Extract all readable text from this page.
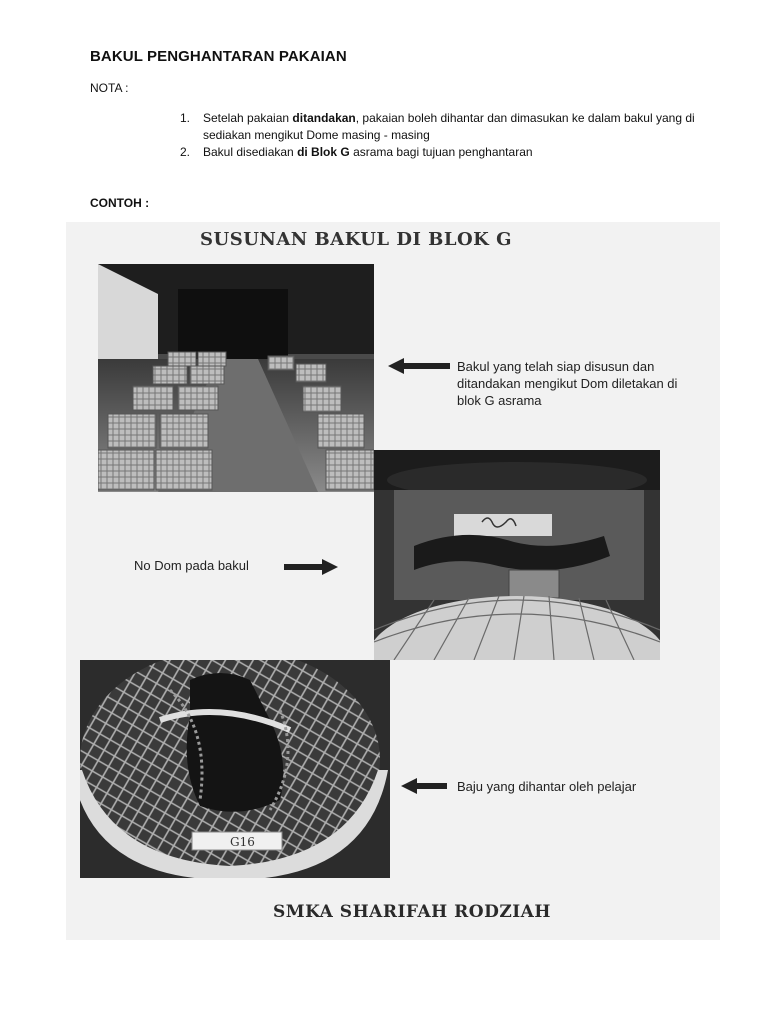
BAKUL PENGHANTARAN PAKAIAN
NOTA :
1. Setelah pakaian ditandakan, pakaian boleh dihantar dan dimasukan ke dalam bakul yang di sediakan mengikut Dome masing - masing
2. Bakul disediakan di Blok G asrama bagi tujuan penghantaran
CONTOH :
SUSUNAN BAKUL DI BLOK G
Bakul yang telah siap disusun dan ditandakan mengikut Dom diletakan di blok G asrama
No Dom pada bakul
G16
Baju yang dihantar oleh pelajar
SMKA SHARIFAH RODZIAH
